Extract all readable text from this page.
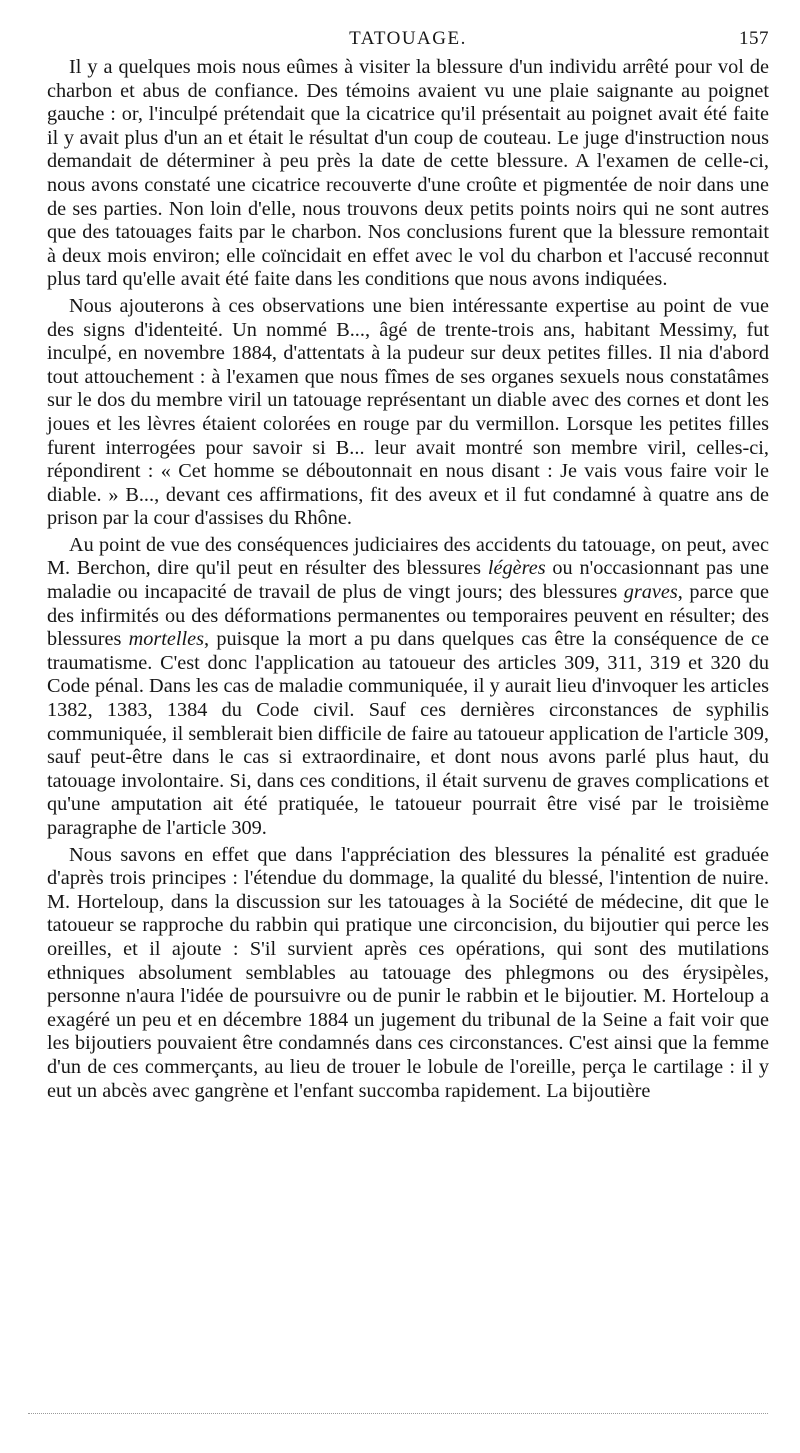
TATOUAGE.	157

Il y a quelques mois nous eûmes à visiter la blessure d'un individu arrêté pour vol de charbon et abus de confiance. Des témoins avaient vu une plaie saignante au poignet gauche : or, l'inculpé prétendait que la cicatrice qu'il présentait au poignet avait été faite il y avait plus d'un an et était le résultat d'un coup de couteau. Le juge d'instruction nous demandait de déterminer à peu près la date de cette blessure. A l'examen de celle-ci, nous avons constaté une cicatrice recouverte d'une croûte et pigmentée de noir dans une de ses parties. Non loin d'elle, nous trouvons deux petits points noirs qui ne sont autres que des tatouages faits par le charbon. Nos conclusions furent que la blessure remontait à deux mois environ; elle coïncidait en effet avec le vol du charbon et l'accusé reconnut plus tard qu'elle avait été faite dans les conditions que nous avons indiquées.

Nous ajouterons à ces observations une bien intéressante expertise au point de vue des signs d'identeité. Un nommé B..., âgé de trente-trois ans, habitant Messimy, fut inculpé, en novembre 1884, d'attentats à la pudeur sur deux petites filles. Il nia d'abord tout attouchement : à l'examen que nous fîmes de ses organes sexuels nous constatâmes sur le dos du membre viril un tatouage représentant un diable avec des cornes et dont les joues et les lèvres étaient colorées en rouge par du vermillon. Lorsque les petites filles furent interrogées pour savoir si B... leur avait montré son membre viril, celles-ci, répondirent : « Cet homme se déboutonnait en nous disant : Je vais vous faire voir le diable. » B..., devant ces affirmations, fit des aveux et il fut condamné à quatre ans de prison par la cour d'assises du Rhône.

Au point de vue des conséquences judiciaires des accidents du tatouage, on peut, avec M. Berchon, dire qu'il peut en résulter des blessures légères ou n'occasionnant pas une maladie ou incapacité de travail de plus de vingt jours; des blessures graves, parce que des infirmités ou des déformations permanentes ou temporaires peuvent en résulter; des blessures mortelles, puisque la mort a pu dans quelques cas être la conséquence de ce traumatisme. C'est donc l'application au tatoueur des articles 309, 311, 319 et 320 du Code pénal. Dans les cas de maladie communiquée, il y aurait lieu d'invoquer les articles 1382, 1383, 1384 du Code civil. Sauf ces dernières circonstances de syphilis communiquée, il semblerait bien difficile de faire au tatoueur application de l'article 309, sauf peut-être dans le cas si extraordinaire, et dont nous avons parlé plus haut, du tatouage involontaire. Si, dans ces conditions, il était survenu de graves complications et qu'une amputation ait été pratiquée, le tatoueur pourrait être visé par le troisième paragraphe de l'article 309.

Nous savons en effet que dans l'appréciation des blessures la pénalité est graduée d'après trois principes : l'étendue du dommage, la qualité du blessé, l'intention de nuire. M. Horteloup, dans la discussion sur les tatouages à la Société de médecine, dit que le tatoueur se rapproche du rabbin qui pratique une circoncision, du bijoutier qui perce les oreilles, et il ajoute : S'il survient après ces opérations, qui sont des mutilations ethniques absolument semblables au tatouage des phlegmons ou des érysipèles, personne n'aura l'idée de poursuivre ou de punir le rabbin et le bijoutier. M. Horteloup a exagéré un peu et en décembre 1884 un jugement du tribunal de la Seine a fait voir que les bijoutiers pouvaient être condamnés dans ces circonstances. C'est ainsi que la femme d'un de ces commerçants, au lieu de trouer le lobule de l'oreille, perça le cartilage : il y eut un abcès avec gangrène et l'enfant succomba rapidement. La bijoutière
